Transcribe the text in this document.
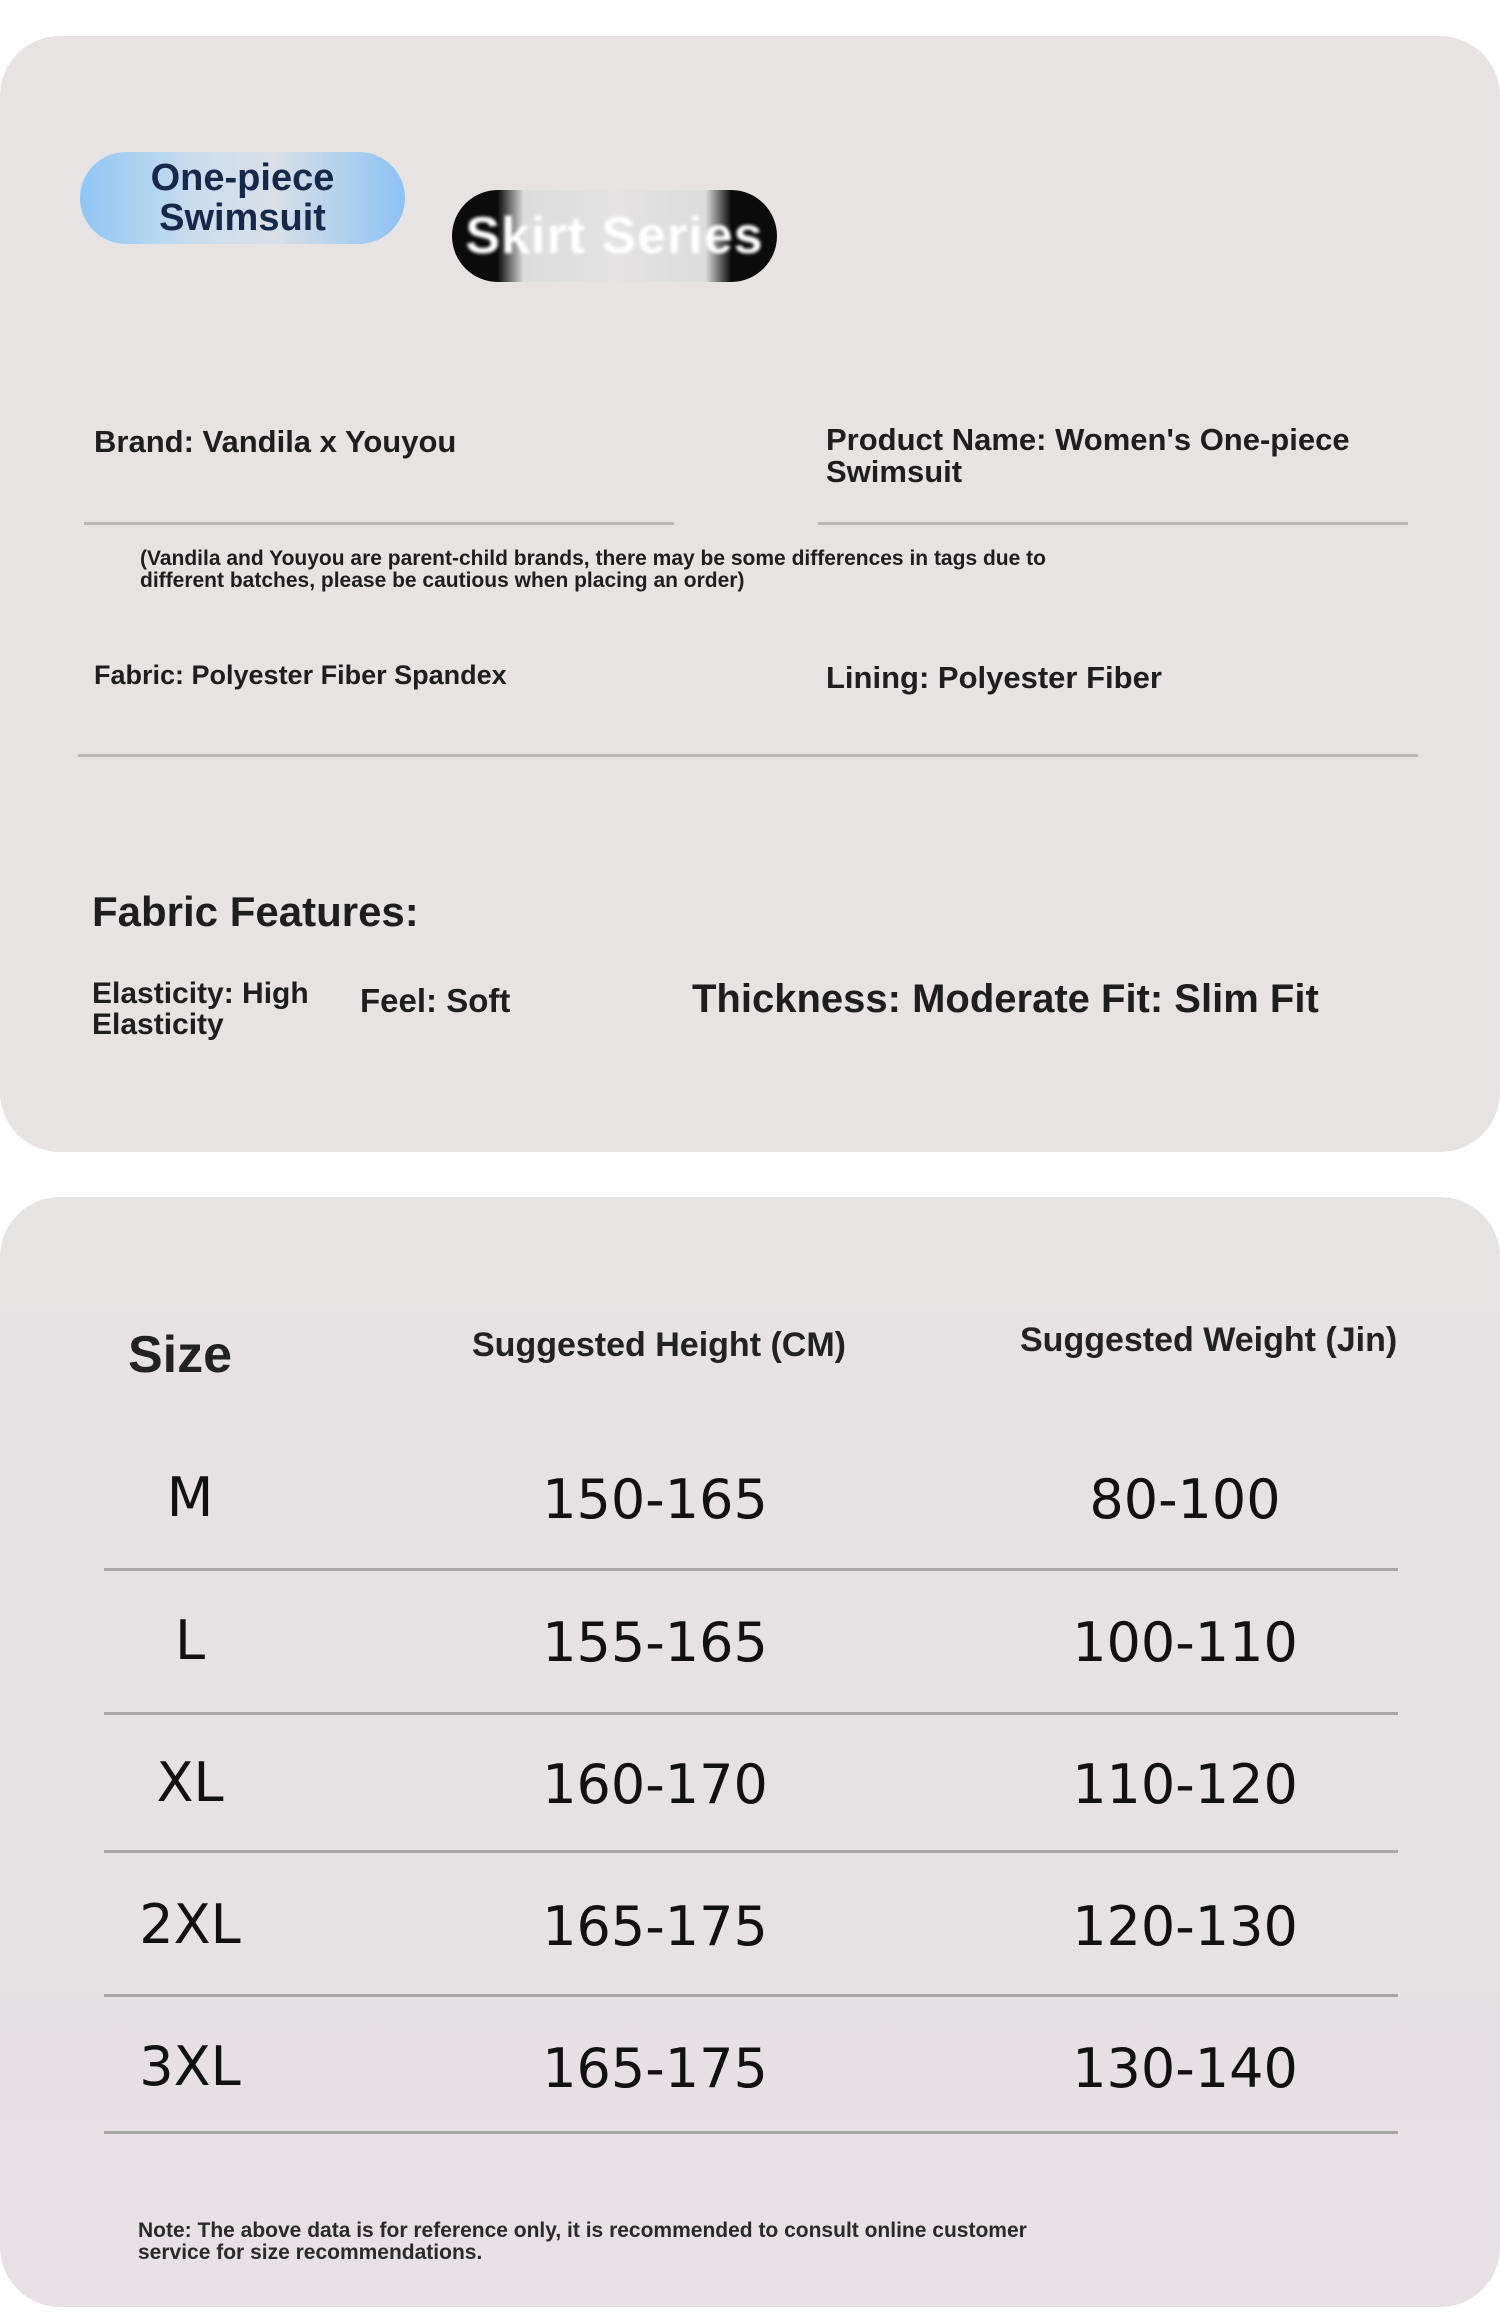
One-piece Swimsuit	Skirt Series
Brand: Vandila x Youyou	Product Name: Women's One-piece Swimsuit
(Vandila and Youyou are parent-child brands, there may be some differences in tags due to different batches, please be cautious when placing an order)
Fabric: Polyester Fiber Spandex	Lining: Polyester Fiber
Fabric Features:
Elasticity: High Elasticity
Feel: Soft	Thickness: Moderate Fit: Slim Fit
Size	Suggested Height (CM)	Suggested Weight (Jin)
M	150-165	80-100
L	155-165	100-110
XL	160-170	110-120
2XL	165-175	120-130
3XL	165-175	130-140
Note: The above data is for reference only, it is recommended to consult online customer service for size recommendations.
